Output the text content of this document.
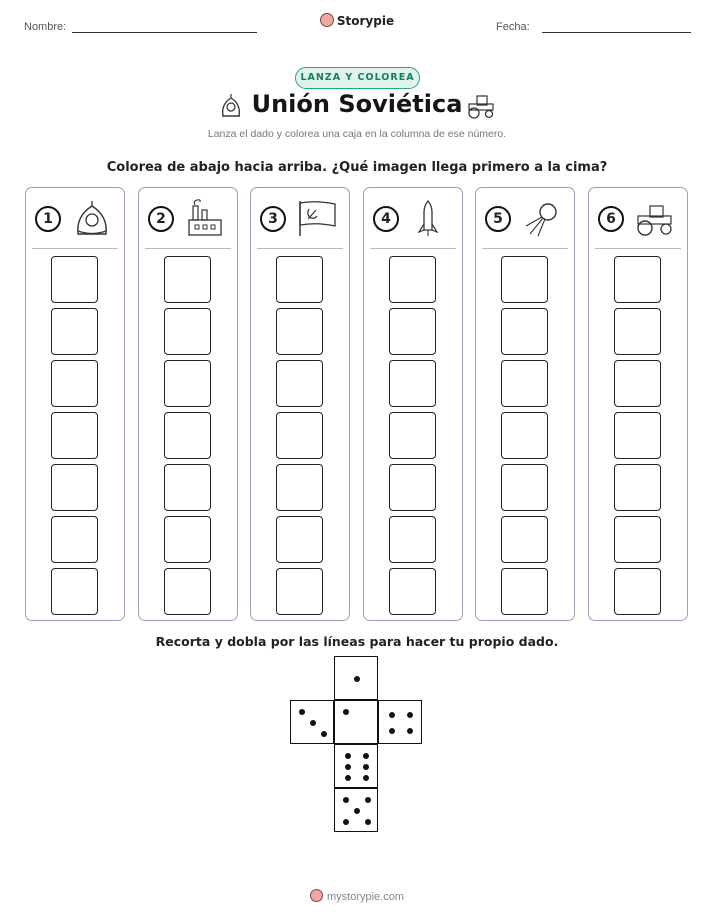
Nombre:	Storypie	Fecha:
LANZA Y COLOREA
Unión Soviética
Lanza el dado y colorea una caja en la columna de ese número.
Colorea de abajo hacia arriba. ¿Qué imagen llega primero a la cima?
1	2	3	4	5	6
Recorta y dobla por las líneas para hacer tu propio dado.
mystorypie.com
